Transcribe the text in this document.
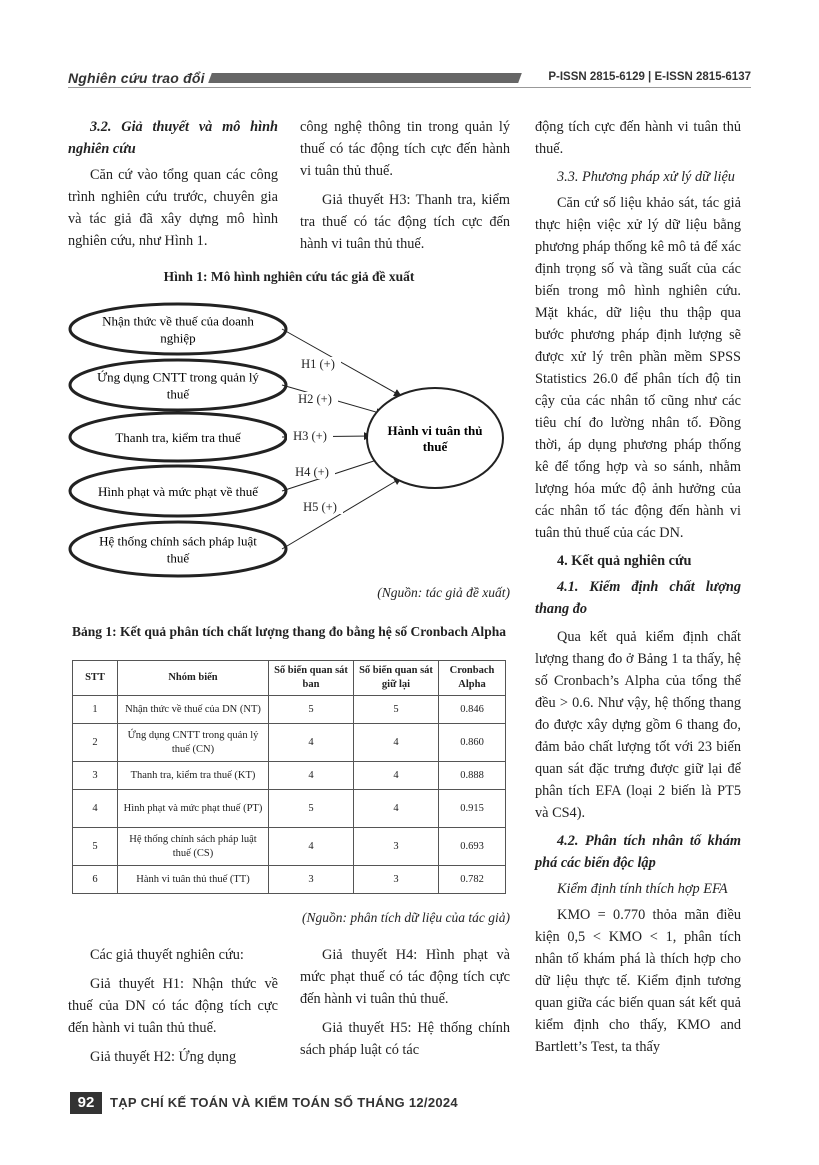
Nghiên cứu trao đổi	P-ISSN 2815-6129 | E-ISSN 2815-6137

3.2. Giả thuyết và mô hình nghiên cứu

Căn cứ vào tổng quan các công trình nghiên cứu trước, chuyên gia và tác giả đã xây dựng mô hình nghiên cứu, như Hình 1.

công nghệ thông tin trong quản lý thuế có tác động tích cực đến hành vi tuân thủ thuế.

Giả thuyết H3: Thanh tra, kiểm tra thuế có tác động tích cực đến hành vi tuân thủ thuế.

động tích cực đến hành vi tuân thủ thuế.

3.3. Phương pháp xử lý dữ liệu

Căn cứ số liệu khảo sát, tác giả thực hiện việc xử lý dữ liệu bằng phương pháp thống kê mô tả để xác định trọng số và tầng suất của các biến trong mô hình nghiên cứu. Mặt khác, dữ liệu thu thập qua bước phương pháp định lượng sẽ được xử lý trên phần mềm SPSS Statistics 26.0 để phân tích độ tin cậy của các nhân tố cũng như các tiêu chí đo lường nhân tố. Đồng thời, áp dụng phương pháp thống kê để tổng hợp và so sánh, nhằm lượng hóa mức độ ảnh hưởng của các nhân tố tác động đến hành vi tuân thủ thuế của các DN.

4. Kết quả nghiên cứu

4.1. Kiểm định chất lượng thang đo

Qua kết quả kiểm định chất lượng thang đo ở Bảng 1 ta thấy, hệ số Cronbach’s Alpha của tổng thể đều > 0.6. Như vậy, hệ thống thang đo được xây dựng gồm 6 thang đo, đảm bảo chất lượng tốt với 23 biến quan sát đặc trưng được giữ lại để phân tích EFA (loại 2 biến là PT5 và CS4).

4.2. Phân tích nhân tố khám phá các biến độc lập

Kiểm định tính thích hợp EFA

KMO = 0.770 thỏa mãn điều kiện 0,5 < KMO < 1, phân tích nhân tố khám phá là thích hợp cho dữ liệu thực tế. Kiểm định tương quan giữa các biến quan sát kết quả kiểm định cho thấy, KMO and Bartlett’s Test, ta thấy

Hình 1: Mô hình nghiên cứu tác giả đề xuất
Nhận thức về thuế của doanh
nghiệp
Ứng dụng CNTT trong quản lý
thuế
Thanh tra, kiểm tra thuế
Hình phạt và mức phạt về thuế
Hệ thống chính sách pháp luật
thuế
H1 (+)
H2 (+)
H3 (+)
H4 (+)
H5 (+)
Hành vi tuân thủ
thuế
(Nguồn: tác giả đề xuất)
Bảng 1: Kết quả phân tích chất lượng thang đo bằng hệ số Cronbach Alpha
STT	Nhóm biến	Số biến quan sát ban	Số biến quan sát giữ lại	Cronbach Alpha
1	Nhận thức về thuế của DN (NT)	5	5	0.846
2	Ứng dụng CNTT trong quản lý thuế (CN)	4	4	0.860
3	Thanh tra, kiểm tra thuế (KT)	4	4	0.888
4	Hình phạt và mức phạt thuế (PT)	5	4	0.915
5	Hệ thống chính sách pháp luật thuế (CS)	4	3	0.693
6	Hành vi tuân thủ thuế (TT)	3	3	0.782
(Nguồn: phân tích dữ liệu của tác giả)

Các giả thuyết nghiên cứu:

Giả thuyết H1: Nhận thức về thuế của DN có tác động tích cực đến hành vi tuân thủ thuế.

Giả thuyết H2: Ứng dụng

Giả thuyết H4: Hình phạt và mức phạt thuế có tác động tích cực đến hành vi tuân thủ thuế.

Giả thuyết H5: Hệ thống chính sách pháp luật có tác

92	TẠP CHÍ KẾ TOÁN VÀ KIỂM TOÁN SỐ THÁNG 12/2024
